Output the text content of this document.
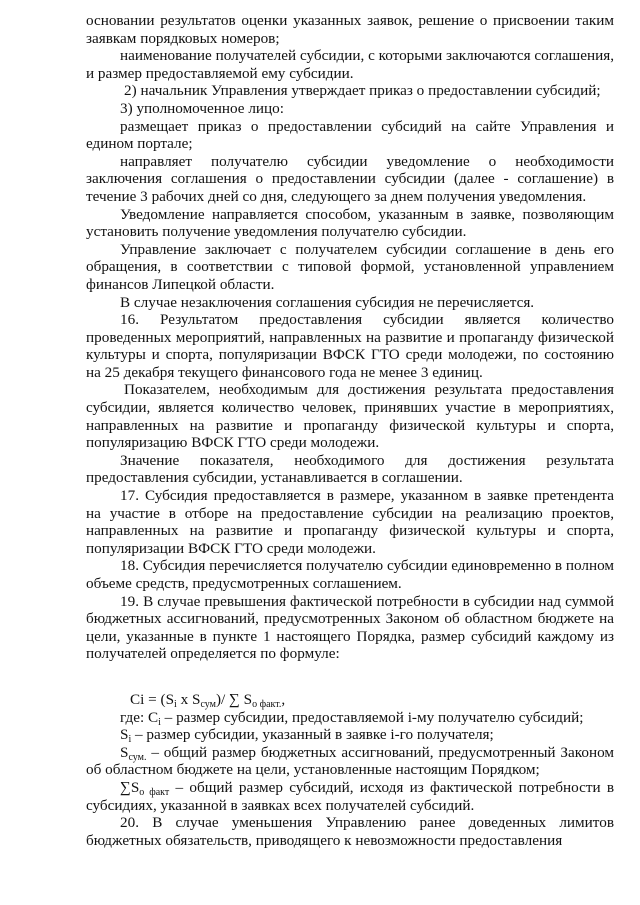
основании результатов оценки указанных заявок, решение о присвоении таким заявкам порядковых номеров;

наименование получателей субсидии, с которыми заключаются соглашения, и размер предоставляемой ему субсидии.

2) начальник Управления утверждает приказ о предоставлении субсидий;

3) уполномоченное лицо:

размещает приказ о предоставлении субсидий на сайте Управления и едином портале;

направляет получателю субсидии уведомление о необходимости заключения соглашения о предоставлении субсидии (далее - соглашение) в течение 3 рабочих дней со дня, следующего за днем получения уведомления.

Уведомление направляется способом, указанным в заявке, позволяющим установить получение уведомления получателю субсидии.

Управление заключает с получателем субсидии соглашение в день его обращения, в соответствии с типовой формой, установленной управлением финансов Липецкой области.

В случае незаключения соглашения субсидия не перечисляется.

16. Результатом предоставления субсидии является количество проведенных мероприятий, направленных на развитие и пропаганду физической культуры и спорта, популяризации ВФСК ГТО среди молодежи, по состоянию на 25 декабря текущего финансового года не менее 3 единиц.

Показателем, необходимым для достижения результата предоставления субсидии, является количество человек, принявших участие в мероприятиях, направленных на развитие и пропаганду физической культуры и спорта, популяризацию ВФСК ГТО среди молодежи.

Значение показателя, необходимого для достижения результата предоставления субсидии, устанавливается в соглашении.

17. Субсидия предоставляется в размере, указанном в заявке претендента на участие в отборе на предоставление субсидии на реализацию проектов, направленных на развитие и пропаганду физической культуры и спорта, популяризации ВФСК ГТО среди молодежи.

18. Субсидия перечисляется получателю субсидии единовременно в полном объеме средств, предусмотренных соглашением.

19. В случае превышения фактической потребности в субсидии над суммой бюджетных ассигнований, предусмотренных Законом об областном бюджете на цели, указанные в пункте 1 настоящего Порядка, размер субсидий каждому из получателей определяется по формуле:

$Ci = (S_i$ x $S_{сум})/$ ∑ $S_{о факт.}$,

где: $C_i$ – размер субсидии, предоставляемой i-му получателю субсидий;

$S_i$ – размер субсидии, указанный в заявке i-го получателя;

$S_{сум.}$ – общий размер бюджетных ассигнований, предусмотренный Законом об областном бюджете на цели, установленные настоящим Порядком;

$\sum S_{о факт}$ – общий размер субсидий, исходя из фактической потребности в субсидиях, указанной в заявках всех получателей субсидий.

20. В случае уменьшения Управлению ранее доведенных лимитов бюджетных обязательств, приводящего к невозможности предоставления
